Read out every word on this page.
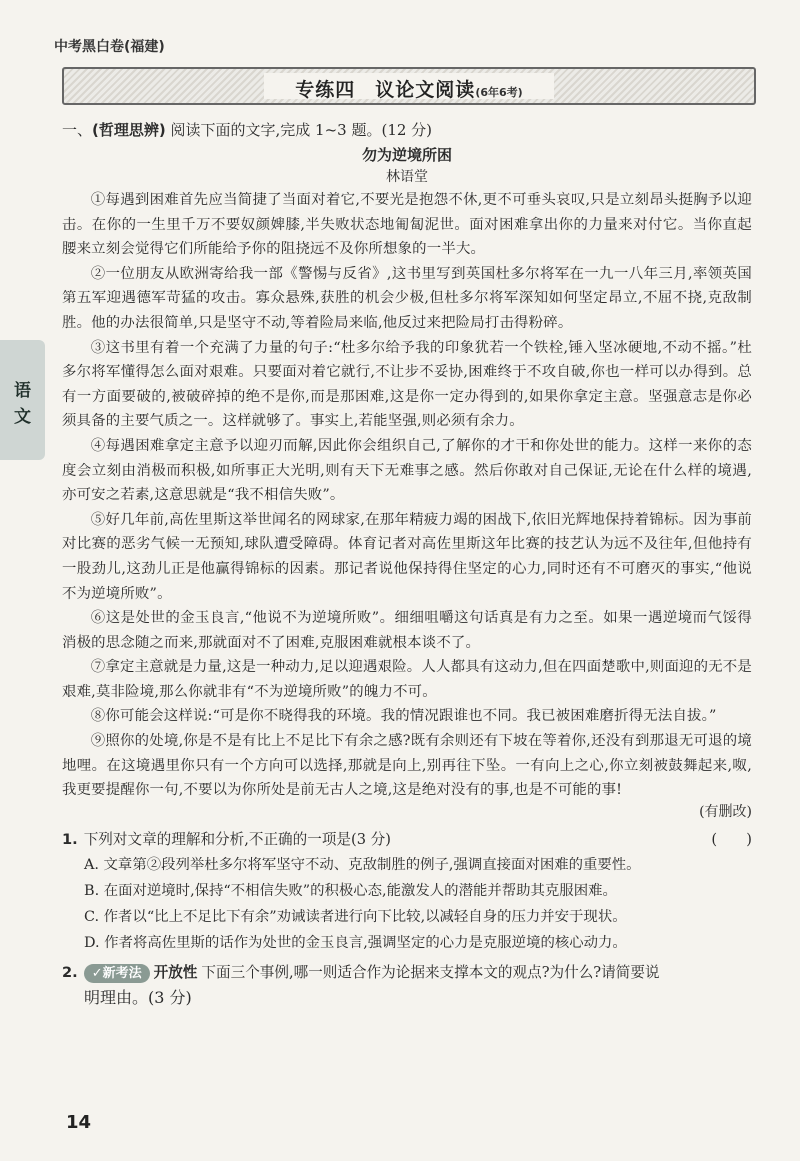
中考黑白卷(福建)
专练四　议论文阅读(6年6考)
语
文
一、(哲理思辨) 阅读下面的文字,完成 1~3 题。(12 分)
勿为逆境所困
林语堂

①每遇到困难首先应当简捷了当面对着它,不要光是抱怨不休,更不可垂头哀叹,只是立刻昂头挺胸予以迎击。在你的一生里千万不要奴颜婢膝,半失败状态地匍匐泥世。面对困难拿出你的力量来对付它。当你直起腰来立刻会觉得它们所能给予你的阻挠远不及你所想象的一半大。

②一位朋友从欧洲寄给我一部《警惕与反省》,这书里写到英国杜多尔将军在一九一八年三月,率领英国第五军迎遇德军苛猛的攻击。寡众悬殊,获胜的机会少极,但杜多尔将军深知如何坚定昂立,不屈不挠,克敌制胜。他的办法很简单,只是坚守不动,等着险局来临,他反过来把险局打击得粉碎。

③这书里有着一个充满了力量的句子:“杜多尔给予我的印象犹若一个铁栓,锤入坚冰硬地,不动不摇。”杜多尔将军懂得怎么面对艰难。只要面对着它就行,不让步不妥协,困难终于不攻自破,你也一样可以办得到。总有一方面要破的,被破碎掉的绝不是你,而是那困难,这是你一定办得到的,如果你拿定主意。坚强意志是你必须具备的主要气质之一。这样就够了。事实上,若能坚强,则必须有余力。

④每遇困难拿定主意予以迎刃而解,因此你会组织自己,了解你的才干和你处世的能力。这样一来你的态度会立刻由消极而积极,如所事正大光明,则有天下无难事之感。然后你敢对自己保证,无论在什么样的境遇,亦可安之若素,这意思就是“我不相信失败”。

⑤好几年前,高佐里斯这举世闻名的网球家,在那年精疲力竭的困战下,依旧光辉地保持着锦标。因为事前对比赛的恶劣气候一无预知,球队遭受障碍。体育记者对高佐里斯这年比赛的技艺认为远不及往年,但他持有一股劲儿,这劲儿正是他赢得锦标的因素。那记者说他保持得住坚定的心力,同时还有不可磨灭的事实,“他说不为逆境所败”。

⑥这是处世的金玉良言,“他说不为逆境所败”。细细咀嚼这句话真是有力之至。如果一遇逆境而气馁得消极的思念随之而来,那就面对不了困难,克服困难就根本谈不了。

⑦拿定主意就是力量,这是一种动力,足以迎遇艰险。人人都具有这动力,但在四面楚歌中,则面迎的无不是艰难,莫非险境,那么你就非有“不为逆境所败”的魄力不可。

⑧你可能会这样说:“可是你不晓得我的环境。我的情况跟谁也不同。我已被困难磨折得无法自拔。”

⑨照你的处境,你是不是有比上不足比下有余之感?既有余则还有下坡在等着你,还没有到那退无可退的境地哩。在这境遇里你只有一个方向可以选择,那就是向上,别再往下坠。一有向上之心,你立刻被鼓舞起来,呶,我更要提醒你一句,不要以为你所处是前无古人之境,这是绝对没有的事,也是不可能的事!

(有删改)
1. 下列对文章的理解和分析,不正确的一项是(3 分)	(　　)
A. 文章第②段列举杜多尔将军坚守不动、克敌制胜的例子,强调直接面对困难的重要性。
B. 在面对逆境时,保持“不相信失败”的积极心态,能激发人的潜能并帮助其克服困难。
C. 作者以“比上不足比下有余”劝诫读者进行向下比较,以减轻自身的压力并安于现状。
D. 作者将高佐里斯的话作为处世的金玉良言,强调坚定的心力是克服逆境的核心动力。
2. ✓新考法 开放性 下面三个事例,哪一则适合作为论据来支撑本文的观点?为什么?请简要说
明理由。(3 分)
14
